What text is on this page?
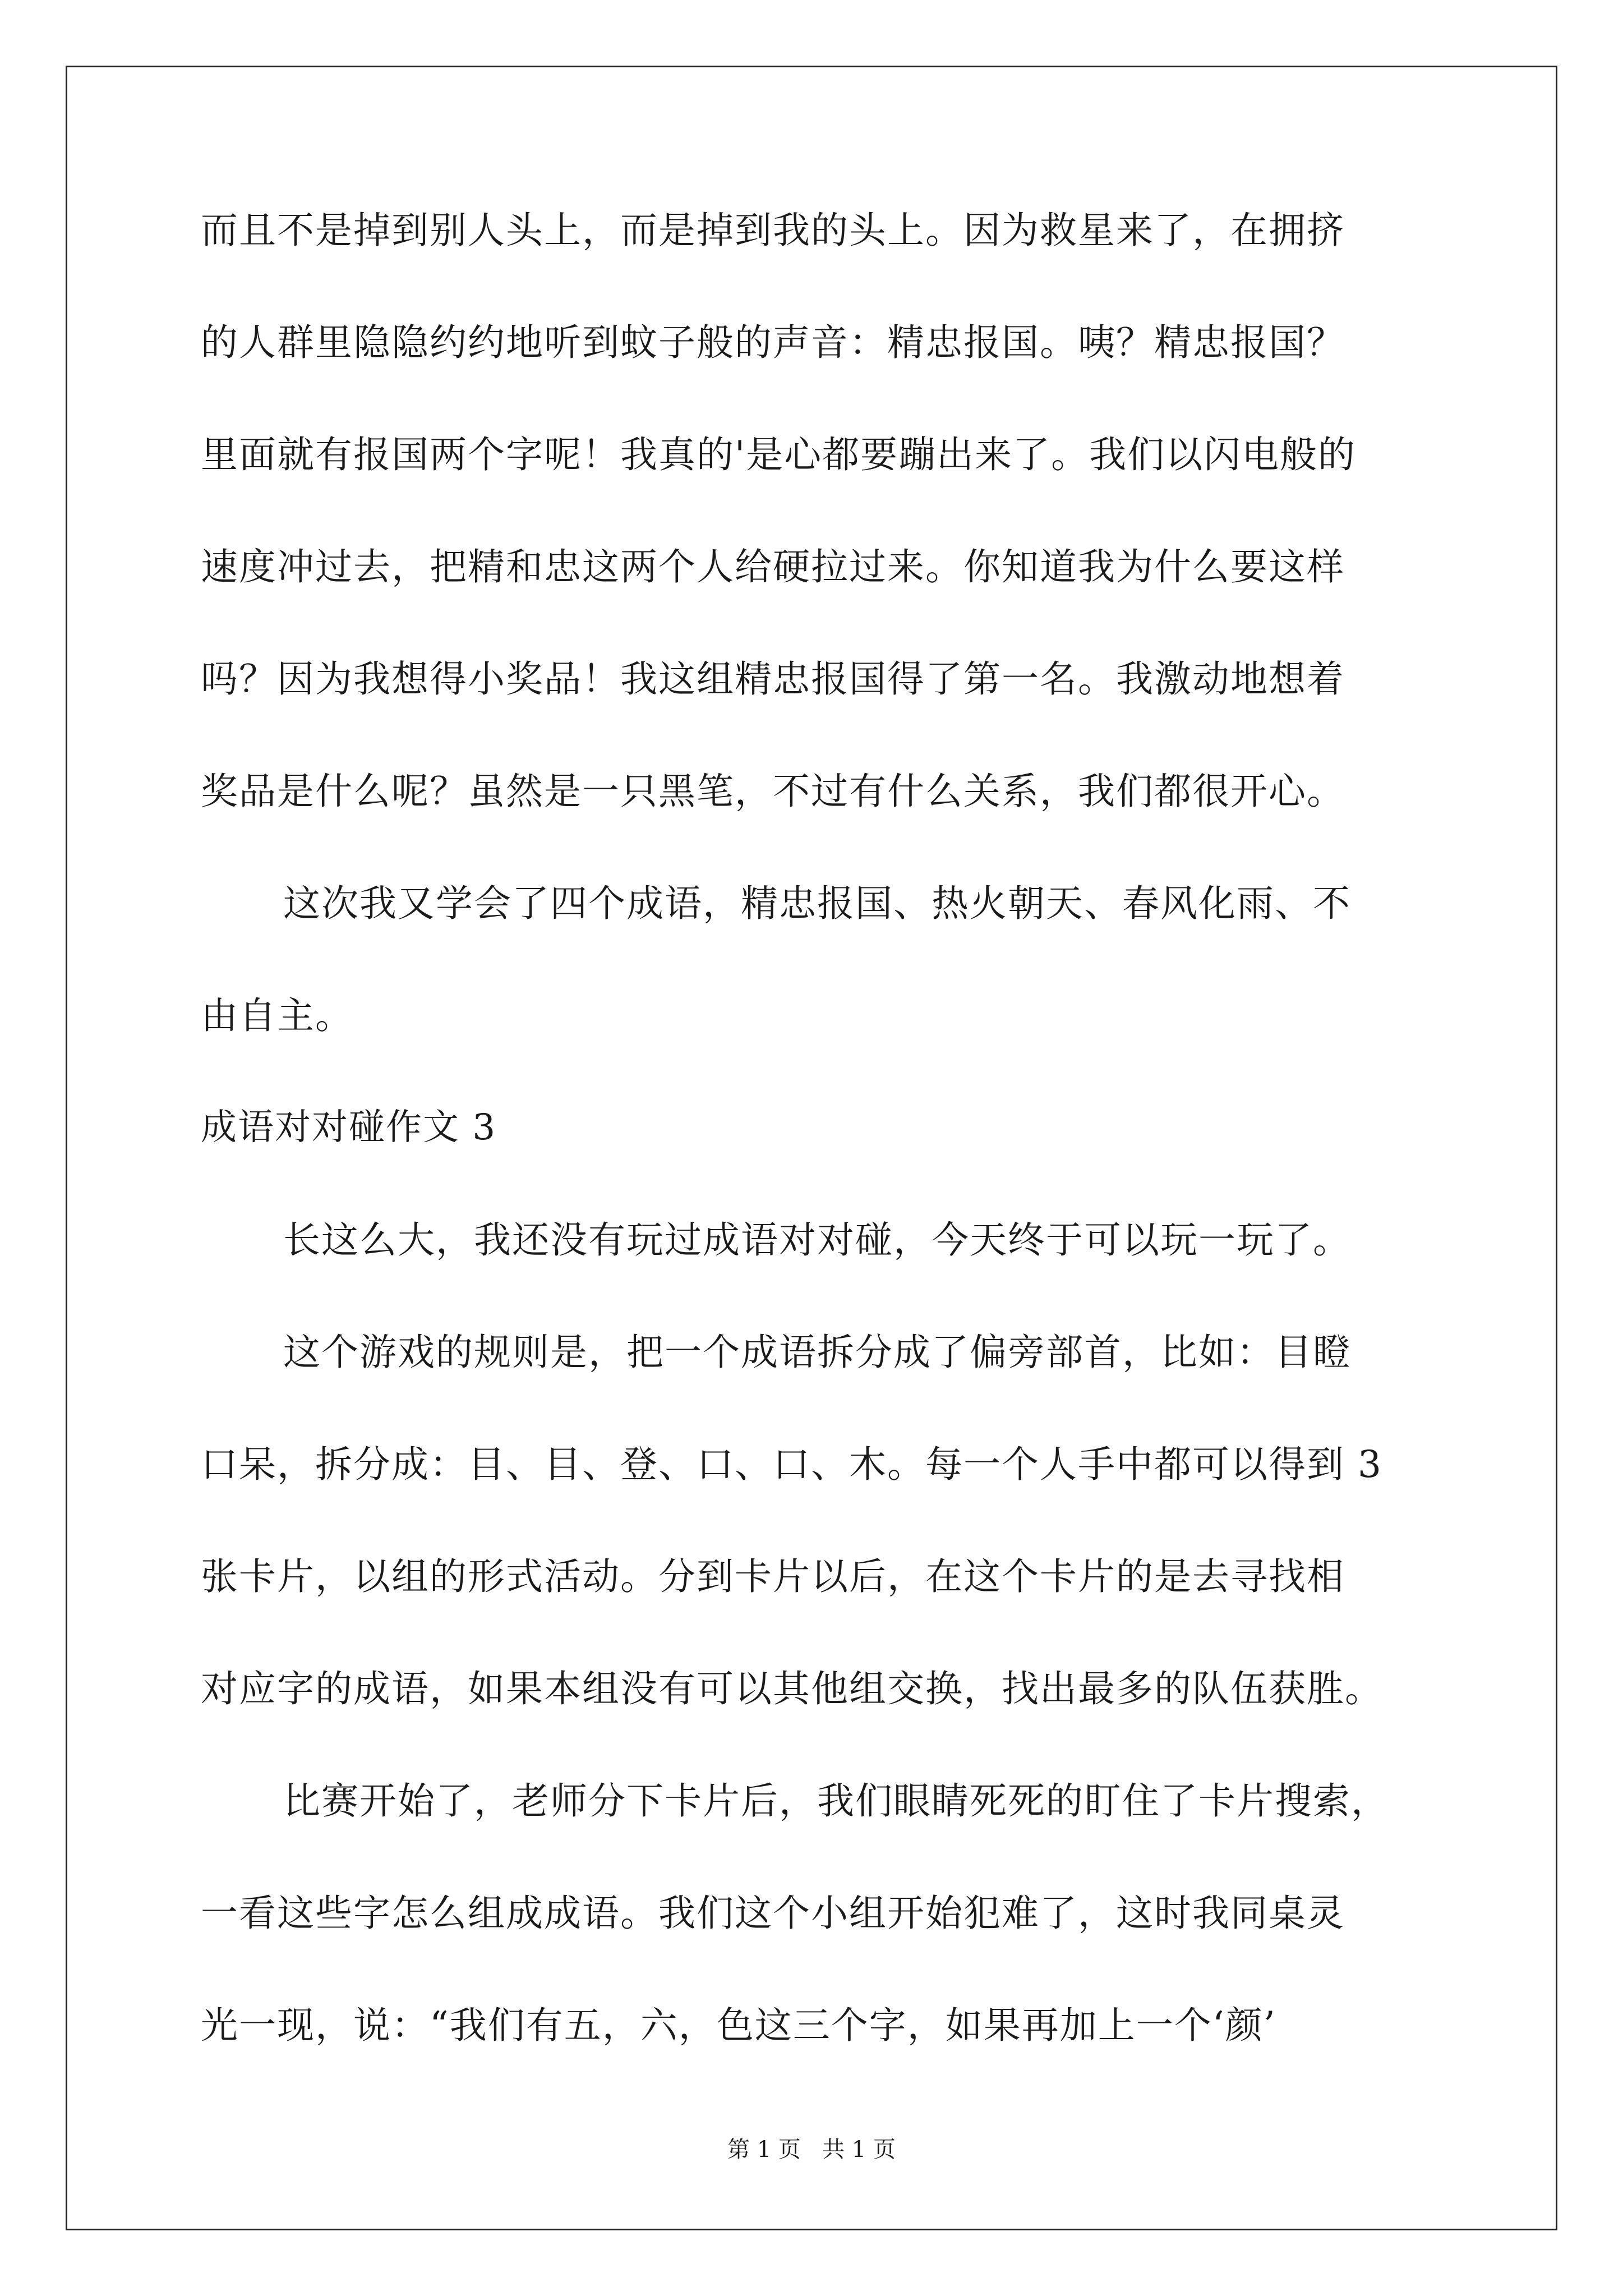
而且不是掉到别人头上，而是掉到我的头上。因为救星来了，在拥挤
的人群里隐隐约约地听到蚊子般的声音：精忠报国。咦？精忠报国？
里面就有报国两个字呢！我真的'是心都要蹦出来了。我们以闪电般的
速度冲过去，把精和忠这两个人给硬拉过来。你知道我为什么要这样
吗？因为我想得小奖品！我这组精忠报国得了第一名。我激动地想着
奖品是什么呢？虽然是一只黑笔，不过有什么关系，我们都很开心。
这次我又学会了四个成语，精忠报国、热火朝天、春风化雨、不
由自主。
成语对对碰作文 3
长这么大，我还没有玩过成语对对碰，今天终于可以玩一玩了。
这个游戏的规则是，把一个成语拆分成了偏旁部首，比如：目瞪
口呆，拆分成：目、目、登、口、口、木。每一个人手中都可以得到 3
张卡片，以组的形式活动。分到卡片以后，在这个卡片的是去寻找相
对应字的成语，如果本组没有可以其他组交换，找出最多的队伍获胜。
比赛开始了，老师分下卡片后，我们眼睛死死的盯住了卡片搜索，
一看这些字怎么组成成语。我们这个小组开始犯难了，这时我同桌灵
光一现，说：“我们有五，六，色这三个字，如果再加上一个‘颜’
第 1 页   共 1 页
